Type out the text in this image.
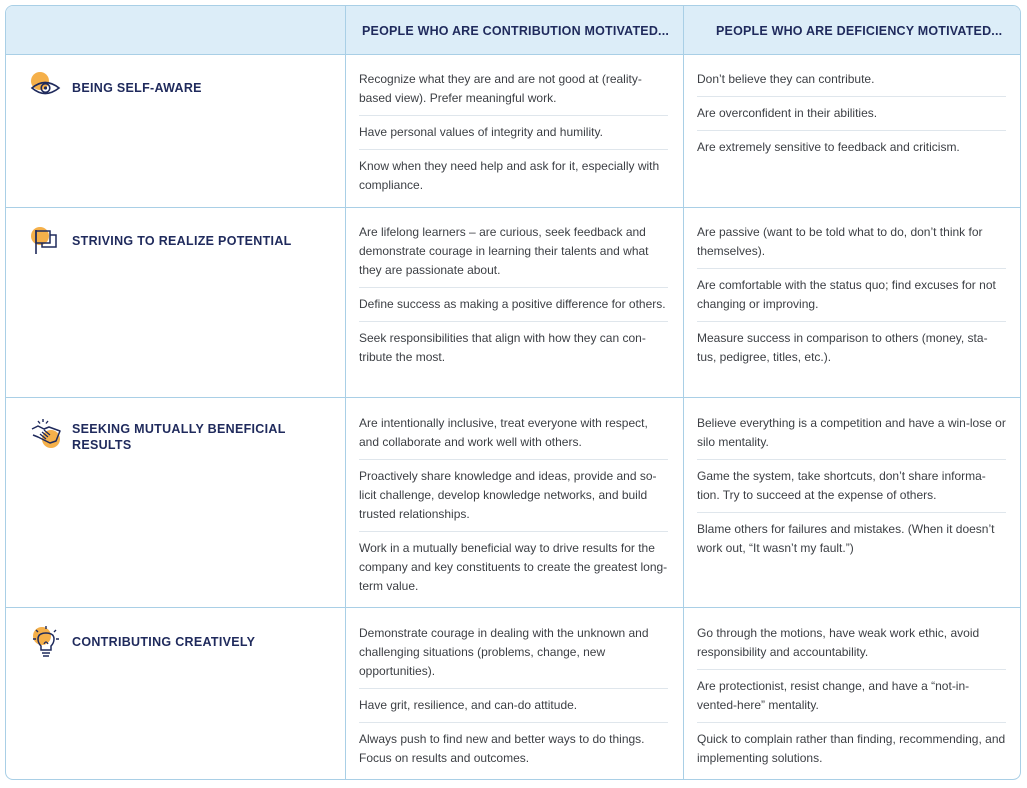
PEOPLE WHO ARE CONTRIBUTION MOTIVATED...	PEOPLE WHO ARE DEFICIENCY MOTIVATED...
BEING SELF-AWARE

Recognize what they are and are not good at (reality-based view). Prefer meaningful work.

Have personal values of integrity and humility.

Know when they need help and ask for it, especially with compliance.

Don’t believe they can contribute.

Are overconfident in their abilities.

Are extremely sensitive to feedback and criticism.

STRIVING TO REALIZE POTENTIAL

Are lifelong learners – are curious, seek feedback and demonstrate courage in learning their talents and what they are passionate about.

Define success as making a positive difference for others.

Seek responsibilities that align with how they can con-tribute the most.

Are passive (want to be told what to do, don’t think for themselves).

Are comfortable with the status quo; find excuses for not changing or improving.

Measure success in comparison to others (money, sta-tus, pedigree, titles, etc.).

SEEKING MUTUALLY BENEFICIAL RESULTS

Are intentionally inclusive, treat everyone with respect, and collaborate and work well with others.

Proactively share knowledge and ideas, provide and so-licit challenge, develop knowledge networks, and build trusted relationships.

Work in a mutually beneficial way to drive results for the company and key constituents to create the greatest long-term value.

Believe everything is a competition and have a win-lose or silo mentality.

Game the system, take shortcuts, don’t share informa-tion. Try to succeed at the expense of others.

Blame others for failures and mistakes. (When it doesn’t work out, “It wasn’t my fault.”)

CONTRIBUTING CREATIVELY

Demonstrate courage in dealing with the unknown and challenging situations (problems, change, new opportunities).

Have grit, resilience, and can-do attitude.

Always push to find new and better ways to do things. Focus on results and outcomes.

Go through the motions, have weak work ethic, avoid responsibility and accountability.

Are protectionist, resist change, and have a “not-in-vented-here” mentality.

Quick to complain rather than finding, recommending, and implementing solutions.
